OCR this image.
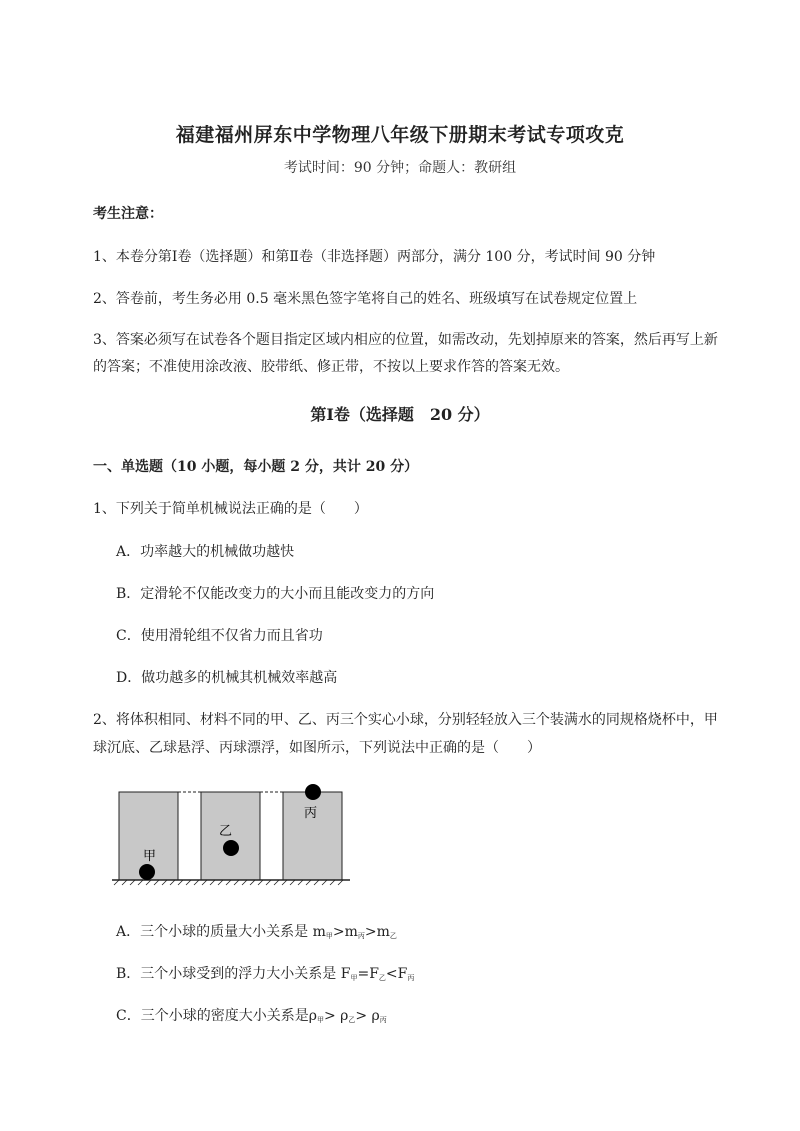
福建福州屏东中学物理八年级下册期末考试专项攻克
考试时间：90 分钟；命题人：教研组
考生注意：
1、本卷分第Ⅰ卷（选择题）和第Ⅱ卷（非选择题）两部分，满分 100 分，考试时间 90 分钟
2、答卷前，考生务必用 0.5 毫米黑色签字笔将自己的姓名、班级填写在试卷规定位置上
3、答案必须写在试卷各个题目指定区域内相应的位置，如需改动，先划掉原来的答案，然后再写上新
的答案；不准使用涂改液、胶带纸、修正带，不按以上要求作答的答案无效。
第Ⅰ卷（选择题　20 分）
一、单选题（10 小题，每小题 2 分，共计 20 分）
1、下列关于简单机械说法正确的是（　　）
A．功率越大的机械做功越快
B．定滑轮不仅能改变力的大小而且能改变力的方向
C．使用滑轮组不仅省力而且省功
D．做功越多的机械其机械效率越高
2、将体积相同、材料不同的甲、乙、丙三个实心小球，分别轻轻放入三个装满水的同规格烧杯中，甲
球沉底、乙球悬浮、丙球漂浮，如图所示，下列说法中正确的是（　　）
甲
乙
丙
A．三个小球的质量大小关系是 $m_甲>m_丙>m_乙$
B．三个小球受到的浮力大小关系是 $F_甲=F_乙<F_丙$
C．三个小球的密度大小关系是$\rho_甲> \rho_乙> \rho_丙$
